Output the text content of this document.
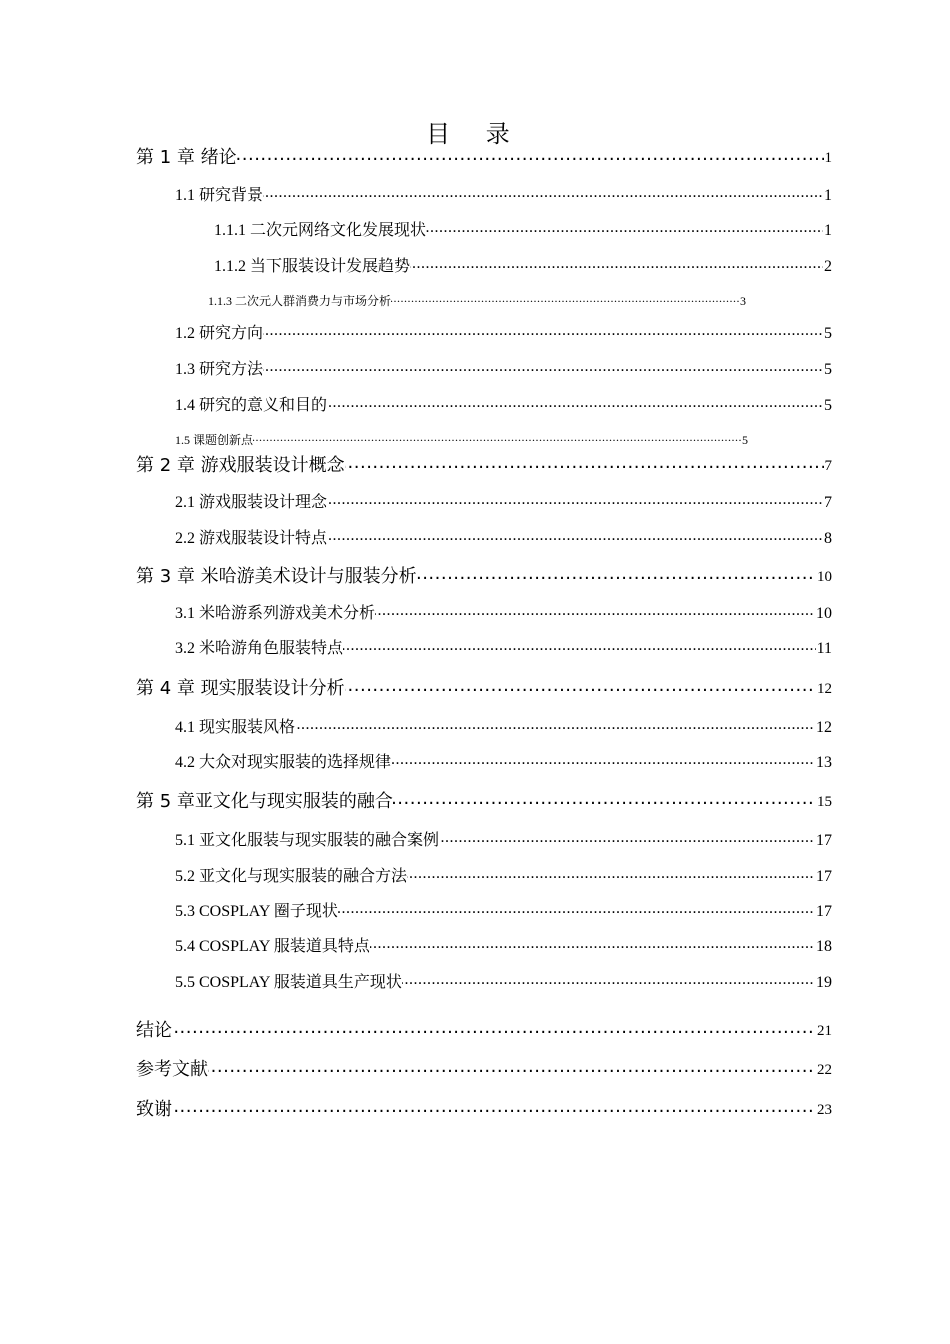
目 录
.....
第 1 章 绪论	1
.....
1.1 研究背景	1
.....
1.1.1 二次元网络文化发展现状	1
.....
1.1.2 当下服装设计发展趋势	2
.....
1.1.3 二次元人群消费力与市场分析	3
.....
1.2 研究方向	5
.....
1.3 研究方法	5
.....
1.4 研究的意义和目的	5
.....
1.5 课题创新点	5
.....
第 2 章 游戏服装设计概念	7
.....
2.1 游戏服装设计理念	7
.....
2.2 游戏服装设计特点	8
.....
第 3 章 米哈游美术设计与服装分析	10
.....
3.1 米哈游系列游戏美术分析	10
.....
3.2 米哈游角色服装特点	11
.....
第 4 章 现实服装设计分析	12
.....
4.1 现实服装风格	12
.....
4.2 大众对现实服装的选择规律	13
.....
第 5 章亚文化与现实服装的融合	15
.....
5.1 亚文化服装与现实服装的融合案例	17
.....
5.2 亚文化与现实服装的融合方法	17
.....
5.3 COSPLAY 圈子现状	17
.....
5.4 COSPLAY 服装道具特点	18
.....
5.5 COSPLAY 服装道具生产现状	19
.....
结论	21
.....
参考文献	22
.....
致谢	23
